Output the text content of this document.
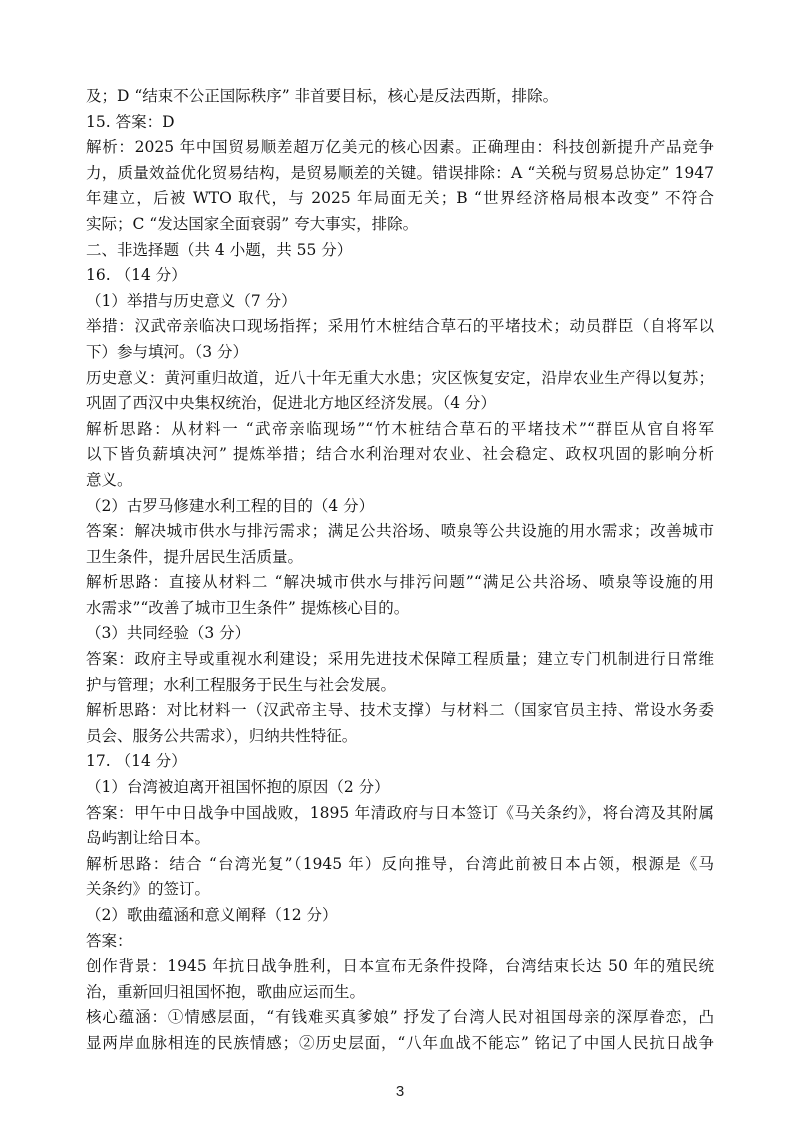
及；D “结束不公正国际秩序” 非首要目标，核心是反法西斯，排除。
15. 答案：D
解析：2025 年中国贸易顺差超万亿美元的核心因素。正确理由：科技创新提升产品竞争
力，质量效益优化贸易结构，是贸易顺差的关键。错误排除：A “关税与贸易总协定” 1947
年建立，后被 WTO 取代，与 2025 年局面无关；B “世界经济格局根本改变” 不符合
实际；C “发达国家全面衰弱” 夸大事实，排除。
二、非选择题（共 4 小题，共 55 分）
16. （14 分）
（1）举措与历史意义（7 分）
举措：汉武帝亲临决口现场指挥；采用竹木桩结合草石的平堵技术；动员群臣（自将军以
下）参与填河。（3 分）
历史意义：黄河重归故道，近八十年无重大水患；灾区恢复安定，沿岸农业生产得以复苏；
巩固了西汉中央集权统治，促进北方地区经济发展。（4 分）
解析思路：从材料一 “武帝亲临现场”“竹木桩结合草石的平堵技术”“群臣从官自将军
以下皆负薪填决河” 提炼举措；结合水利治理对农业、社会稳定、政权巩固的影响分析
意义。
（2）古罗马修建水利工程的目的（4 分）
答案：解决城市供水与排污需求；满足公共浴场、喷泉等公共设施的用水需求；改善城市
卫生条件，提升居民生活质量。
解析思路：直接从材料二 “解决城市供水与排污问题”“满足公共浴场、喷泉等设施的用
水需求”“改善了城市卫生条件” 提炼核心目的。
（3）共同经验（3 分）
答案：政府主导或重视水利建设；采用先进技术保障工程质量；建立专门机制进行日常维
护与管理；水利工程服务于民生与社会发展。
解析思路：对比材料一（汉武帝主导、技术支撑）与材料二（国家官员主持、常设水务委
员会、服务公共需求），归纳共性特征。
17. （14 分）
（1）台湾被迫离开祖国怀抱的原因（2 分）
答案：甲午中日战争中国战败，1895 年清政府与日本签订《马关条约》，将台湾及其附属
岛屿割让给日本。
解析思路：结合 “台湾光复”（1945 年）反向推导，台湾此前被日本占领，根源是《马
关条约》的签订。
（2）歌曲蕴涵和意义阐释（12 分）
答案：
创作背景：1945 年抗日战争胜利，日本宣布无条件投降，台湾结束长达 50 年的殖民统
治，重新回归祖国怀抱，歌曲应运而生。
核心蕴涵：①情感层面，“有钱难买真爹娘” 抒发了台湾人民对祖国母亲的深厚眷恋，凸
显两岸血脉相连的民族情感；②历史层面，“八年血战不能忘” 铭记了中国人民抗日战争
3
